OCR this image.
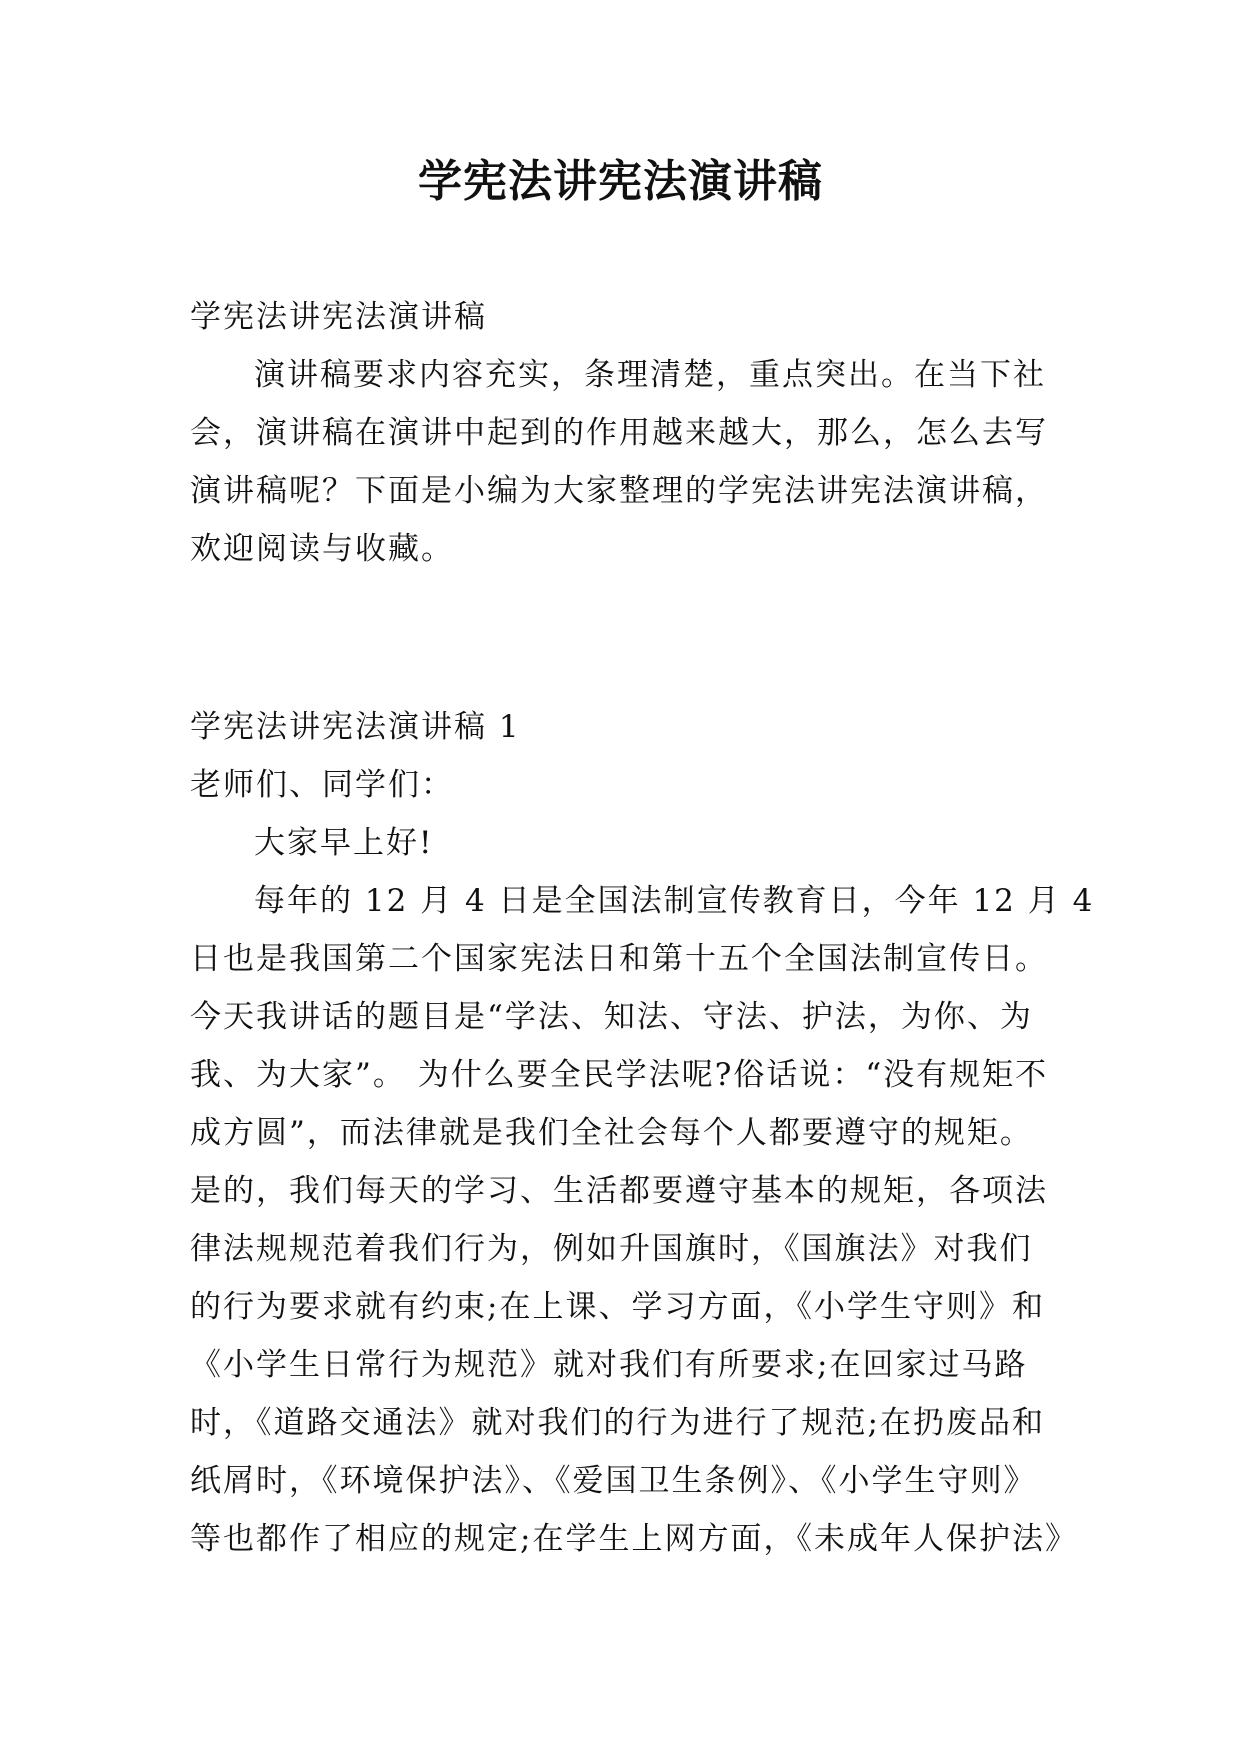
学宪法讲宪法演讲稿
学宪法讲宪法演讲稿
演讲稿要求内容充实，条理清楚，重点突出。在当下社
会，演讲稿在演讲中起到的作用越来越大，那么，怎么去写
演讲稿呢？下面是小编为大家整理的学宪法讲宪法演讲稿，
欢迎阅读与收藏。
学宪法讲宪法演讲稿 1
老师们、同学们：
大家早上好!
每年的 12 月 4 日是全国法制宣传教育日，今年 12 月 4
日也是我国第二个国家宪法日和第十五个全国法制宣传日。
今天我讲话的题目是“学法、知法、守法、护法，为你、为
我、为大家”。 为什么要全民学法呢?俗话说：“没有规矩不
成方圆”，而法律就是我们全社会每个人都要遵守的规矩。
是的，我们每天的学习、生活都要遵守基本的规矩，各项法
律法规规范着我们行为，例如升国旗时，《国旗法》对我们
的行为要求就有约束;在上课、学习方面，《小学生守则》和
《小学生日常行为规范》就对我们有所要求;在回家过马路
时，《道路交通法》就对我们的行为进行了规范;在扔废品和
纸屑时，《环境保护法》、《爱国卫生条例》、《小学生守则》
等也都作了相应的规定;在学生上网方面，《未成年人保护法》
